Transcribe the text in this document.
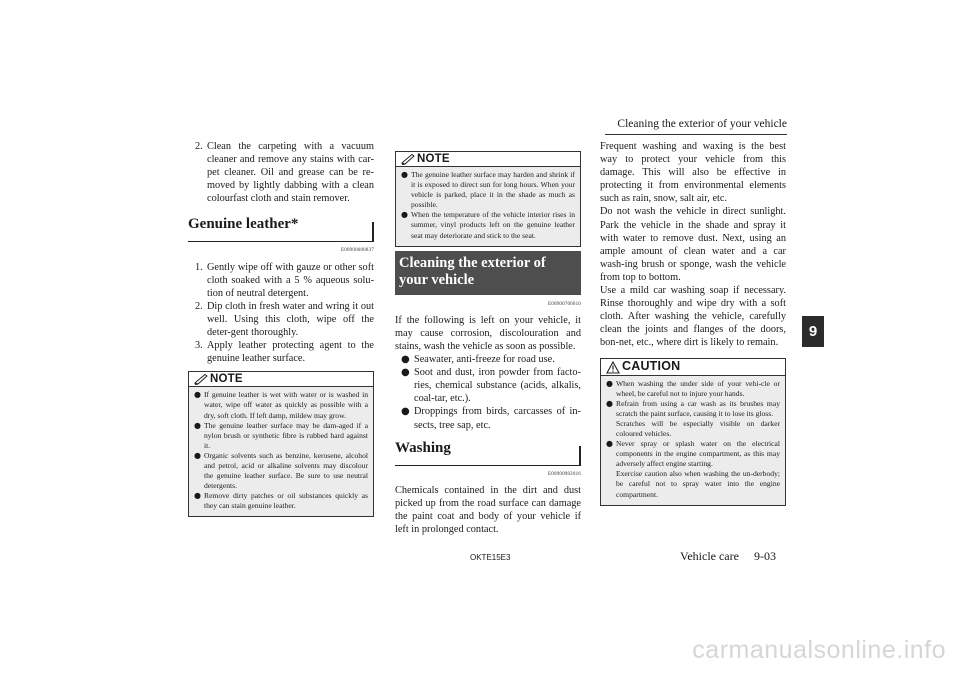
Cleaning the exterior of your vehicle
9
2. Clean the carpeting with a vacuum cleaner and remove any stains with car-pet cleaner. Oil and grease can be re-moved by lightly dabbing with a clean colourfast cloth and stain remover.
Genuine leather*
E00900600837
1. Gently wipe off with gauze or other soft cloth soaked with a 5 % aqueous solu-tion of neutral detergent.
2. Dip cloth in fresh water and wring it out well. Using this cloth, wipe off the deter-gent thoroughly.
3. Apply leather protecting agent to the genuine leather surface.
NOTE
● If genuine leather is wet with water or is washed in water, wipe off water as quickly as possible with a dry, soft cloth. If left damp, mildew may grow.
● The genuine leather surface may be dam-aged if a nylon brush or synthetic fibre is rubbed hard against it.
● Organic solvents such as benzine, kerosene, alcohol and petrol, acid or alkaline solvents may discolour the genuine leather surface. Be sure to use neutral detergents.
● Remove dirty patches or oil substances quickly as they can stain genuine leather.
NOTE
● The genuine leather surface may harden and shrink if it is exposed to direct sun for long hours. When your vehicle is parked, place it in the shade as much as possible.
● When the temperature of the vehicle interior rises in summer, vinyl products left on the genuine leather seat may deteriorate and stick to the seat.
Cleaning the exterior of your vehicle
E00900700010

If the following is left on your vehicle, it may cause corrosion, discolouration and stains, wash the vehicle as soon as possible.

● Seawater, anti-freeze for road use.
● Soot and dust, iron powder from facto-ries, chemical substance (acids, alkalis, coal-tar, etc.).
● Droppings from birds, carcasses of in-sects, tree sap, etc.
Washing
E00900902016

Chemicals contained in the dirt and dust picked up from the road surface can damage the paint coat and body of your vehicle if left in prolonged contact.

Frequent washing and waxing is the best way to protect your vehicle from this damage. This will also be effective in protecting it from environmental elements such as rain, snow, salt air, etc.

Do not wash the vehicle in direct sunlight. Park the vehicle in the shade and spray it with water to remove dust. Next, using an ample amount of clean water and a car wash-ing brush or sponge, wash the vehicle from top to bottom.

Use a mild car washing soap if necessary. Rinse thoroughly and wipe dry with a soft cloth. After washing the vehicle, carefully clean the joints and flanges of the doors, bon-net, etc., where dirt is likely to remain.

CAUTION
● When washing the under side of your vehi-cle or wheel, be careful not to injure your hands.
● Refrain from using a car wash as its brushes may scratch the paint surface, causing it to lose its gloss.
Scratches will be especially visible on darker coloured vehicles.
● Never spray or splash water on the electrical components in the engine compartment, as this may adversely affect engine starting.
Exercise caution also when washing the un-derbody; be careful not to spray water into the engine compartment.
OKTE15E3	Vehicle care 9-03
carmanualsonline.info
